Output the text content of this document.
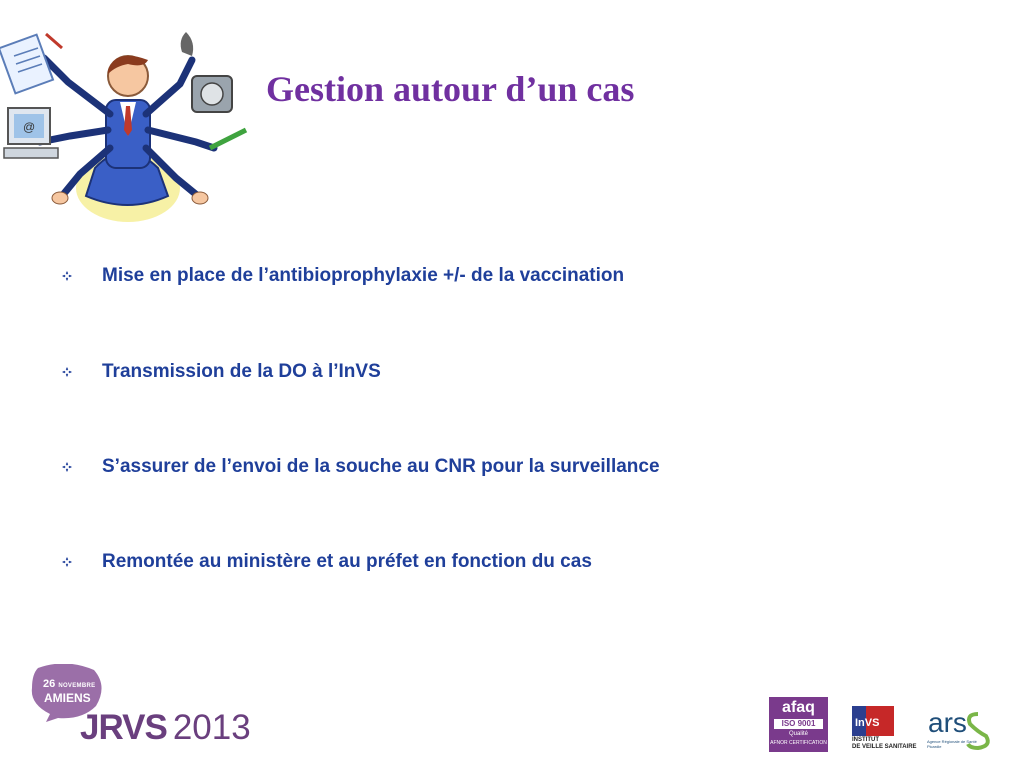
@
Gestion autour d’un cas
Mise en place de l’antibioprophylaxie +/- de la vaccination
Transmission de la DO à l’InVS
S’assurer de l’envoi de la souche au CNR pour la surveillance
Remontée au ministère et au préfet en fonction du cas
26 NOVEMBRE
AMIENS
JRVS 2013
afaq
ISO 9001
Qualité
AFNOR CERTIFICATION
InVS
INSTITUT
DE VEILLE SANITAIRE
ars
Agence Régionale de Santé
Picardie
